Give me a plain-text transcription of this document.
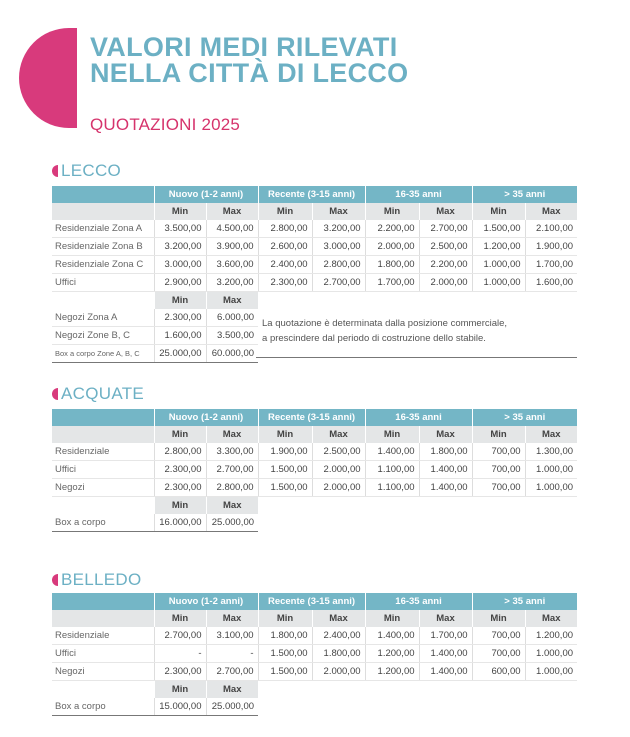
VALORI MEDI RILEVATI
NELLA CITTÀ DI LECCO
QUOTAZIONI 2025
LECCO
	Nuovo (1-2 anni)		Recente (3-15 anni)		16-35 anni		> 35 anni	
	Min	Max	Min	Max	Min	Max	Min	Max
Residenziale Zona A	3.500,00	4.500,00	2.800,00	3.200,00	2.200,00	2.700,00	1.500,00	2.100,00
Residenziale Zona B	3.200,00	3.900,00	2.600,00	3.000,00	2.000,00	2.500,00	1.200,00	1.900,00
Residenziale Zona C	3.000,00	3.600,00	2.400,00	2.800,00	1.800,00	2.200,00	1.000,00	1.700,00
Uffici	2.900,00	3.200,00	2.300,00	2.700,00	1.700,00	2.000,00	1.000,00	1.600,00
	Min	Max	La quotazione è determinata dalla posizione commerciale,
a prescindere dal periodo di costruzione dello stabile.					

Negozi Zona A	2.300,00	6.000,00						
Negozi Zone B, C	1.600,00	3.500,00						
Box a corpo Zone A, B, C	25.000,00	60.000,00						
ACQUATE
	Nuovo (1-2 anni)		Recente (3-15 anni)		16-35 anni		> 35 anni	
	Min	Max	Min	Max	Min	Max	Min	Max
Residenziale	2.800,00	3.300,00	1.900,00	2.500,00	1.400,00	1.800,00	700,00	1.300,00
Uffici	2.300,00	2.700,00	1.500,00	2.000,00	1.100,00	1.400,00	700,00	1.000,00
Negozi	2.300,00	2.800,00	1.500,00	2.000,00	1.100,00	1.400,00	700,00	1.000,00
	Min	Max						
Box a corpo	16.000,00	25.000,00						
BELLEDO
	Nuovo (1-2 anni)		Recente (3-15 anni)		16-35 anni		> 35 anni	
	Min	Max	Min	Max	Min	Max	Min	Max
Residenziale	2.700,00	3.100,00	1.800,00	2.400,00	1.400,00	1.700,00	700,00	1.200,00
Uffici	-	-	1.500,00	1.800,00	1.200,00	1.400,00	700,00	1.000,00
Negozi	2.300,00	2.700,00	1.500,00	2.000,00	1.200,00	1.400,00	600,00	1.000,00
	Min	Max						
Box a corpo	15.000,00	25.000,00						
